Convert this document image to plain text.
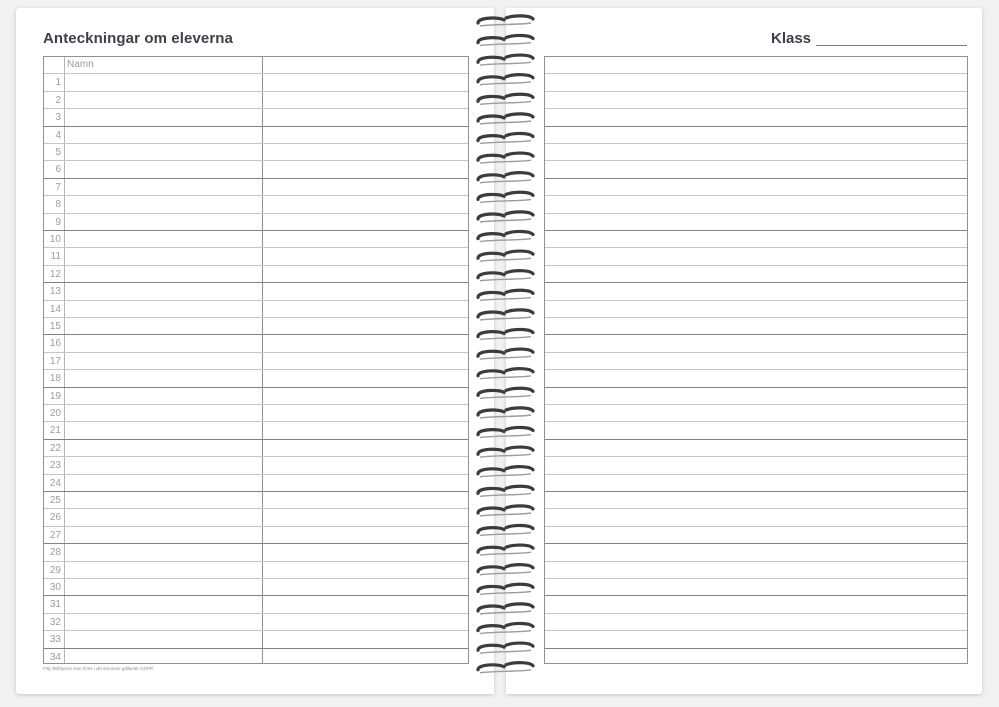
Anteckningar om eleverna	Klass
Namn
1
2
3
4
5
6
7
8
9
10
11
12
13
14
15
16
17
18
19
20
21
22
23
24
25
26
27
28
29
30
31
32
33
34
Följ riktlinjerna som finns i din kommun gällande GDPR.
